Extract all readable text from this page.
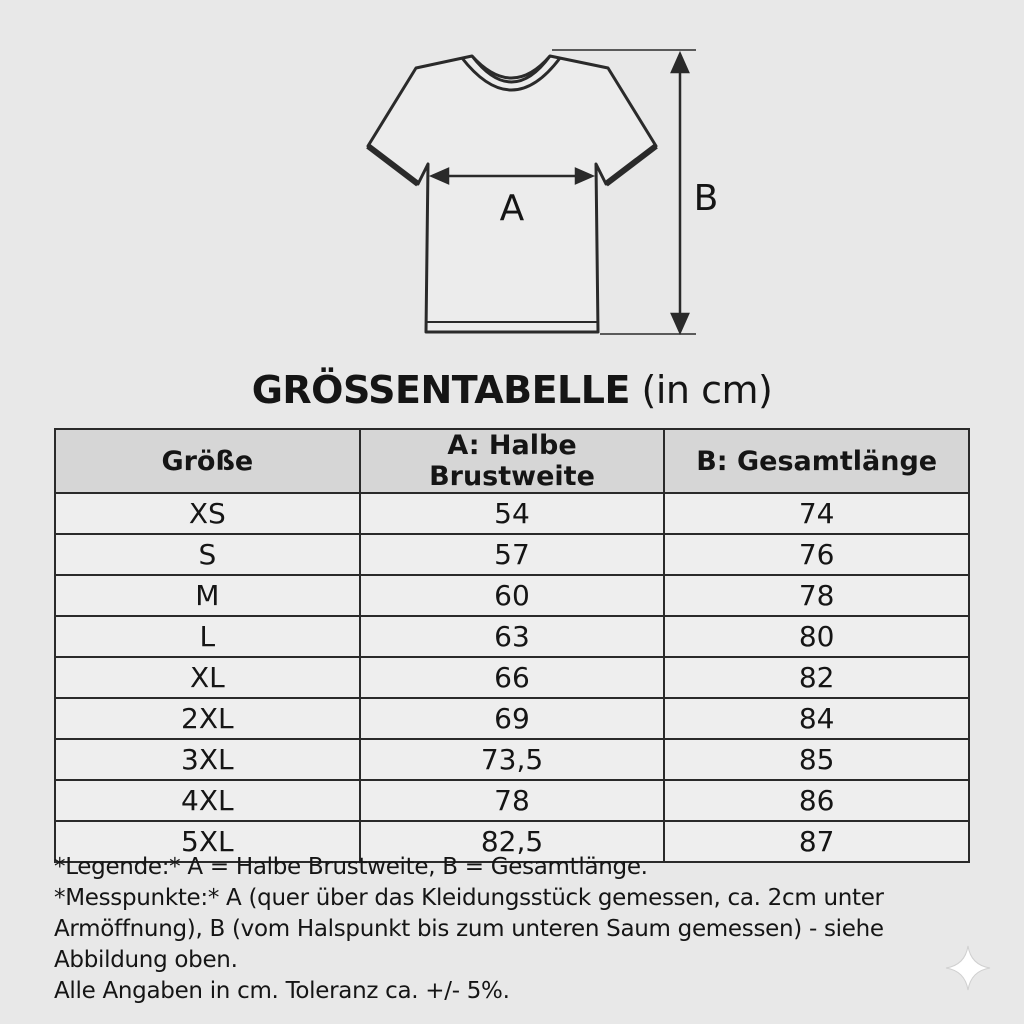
A	B
GRÖSSENTABELLE (in cm)
Größe	A: Halbe Brustweite	B: Gesamtlänge
XS	54	74
S	57	76
M	60	78
L	63	80
XL	66	82
2XL	69	84
3XL	73,5	85
4XL	78	86
5XL	82,5	87

*Legende:* A = Halbe Brustweite, B = Gesamtlänge.

*Messpunkte:* A (quer über das Kleidungsstück gemessen, ca. 2cm unter Armöffnung), B (vom Halspunkt bis zum unteren Saum gemessen) - siehe Abbildung oben.

Alle Angaben in cm. Toleranz ca. +/- 5%.
